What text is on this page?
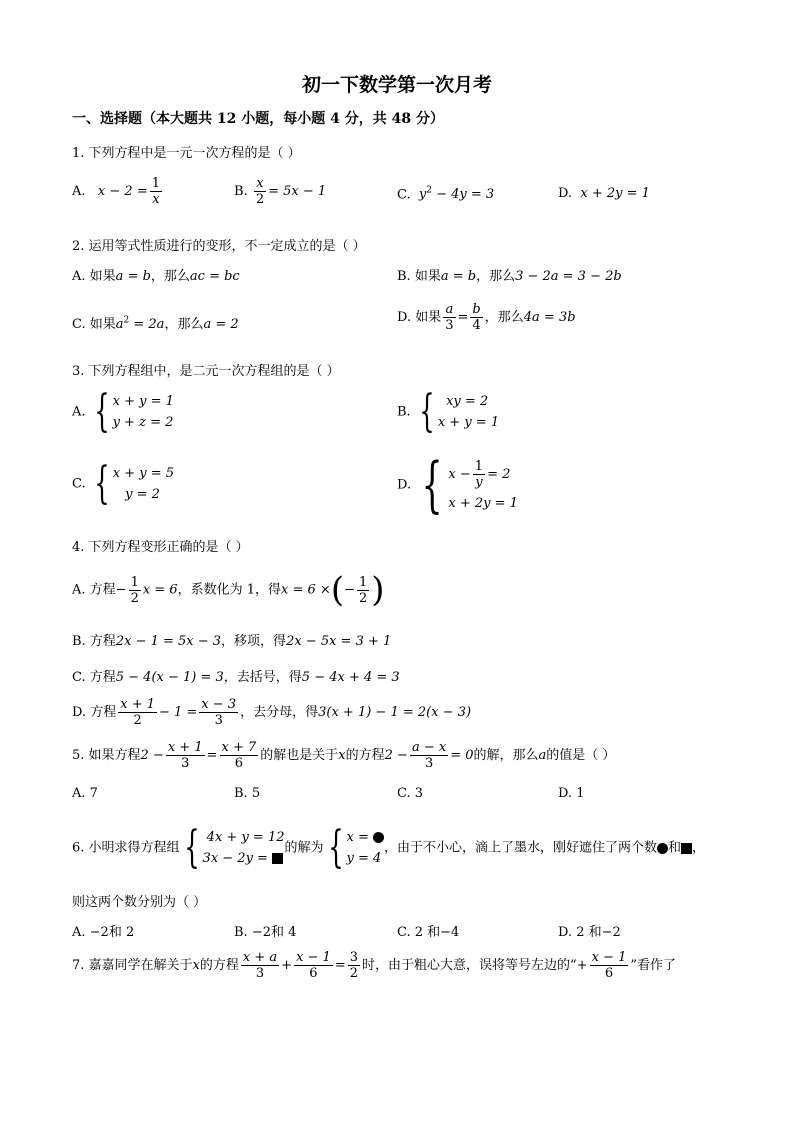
初一下数学第一次月考
一、选择题（本大题共 12 小题，每小题 4 分，共 48 分）
1. 下列方程中是一元一次方程的是（ ）
A.   $x - 2 = \frac{1}{x}$	B. $\frac{x}{2} = 5x - 1$	C.  $y^2 - 4y = 3$	D.  x + 2y = 1
2. 运用等式性质进行的变形，不一定成立的是（ ）
A. 如果a = b，那么ac = bc	B. 如果a = b，那么3 − 2a = 3 − 2b
C. 如果$a^2 = 2a$，那么a = 2	D. 如果 $\frac{a}{3} = \frac{b}{4}$ ，那么4a = 3b
3. 下列方程组中，是二元一次方程组的是（ ）
A. { x + y = 1
y + z = 2
B. { xy = 2
x + y = 1
C. { x + y = 5
y = 2
D. { $x - \frac{1}{y} = 2$
x + 2y = 1
4. 下列方程变形正确的是（ ）
A. 方程− $\frac{1}{2}$ x = 6，系数化为 1，得x = 6 ×(− $\frac{1}{2}$ )
B. 方程2x − 1 = 5x − 3，移项，得2x − 5x = 3 + 1
C. 方程5 − 4(x − 1) = 3，去括号，得5 − 4x + 4 = 3
D. 方程 $\frac{x + 1}{2} - 1 = \frac{x - 3}{3}$ ，去分母，得3(x + 1) − 1 = 2(x − 3)
5. 如果方程$2 - \frac{x + 1}{3} = \frac{x + 7}{6}$ 的解也是关于x的方程$2 - \frac{a - x}{3} = 0$的解，那么a的值是（ ）
A. 7	B. 5	C. 3	D. 1
6. 小明求得方程组 { 4x + y = 12
3x − 2y =
的解为 { x =
y = 4
，由于不小心，滴上了墨水，刚好遮住了两个数 和 ，
则这两个数分别为（ ）
A. −2和 2	B. −2和 4	C. 2 和−4	D. 2 和−2
7. 嘉嘉同学在解关于x的方程 $\frac{x + a}{3} + \frac{x - 1}{6} = \frac{3}{2}$ 时，由于粗心大意，误将等号左边的“+ $\frac{x - 1}{6}$ ”看作了
